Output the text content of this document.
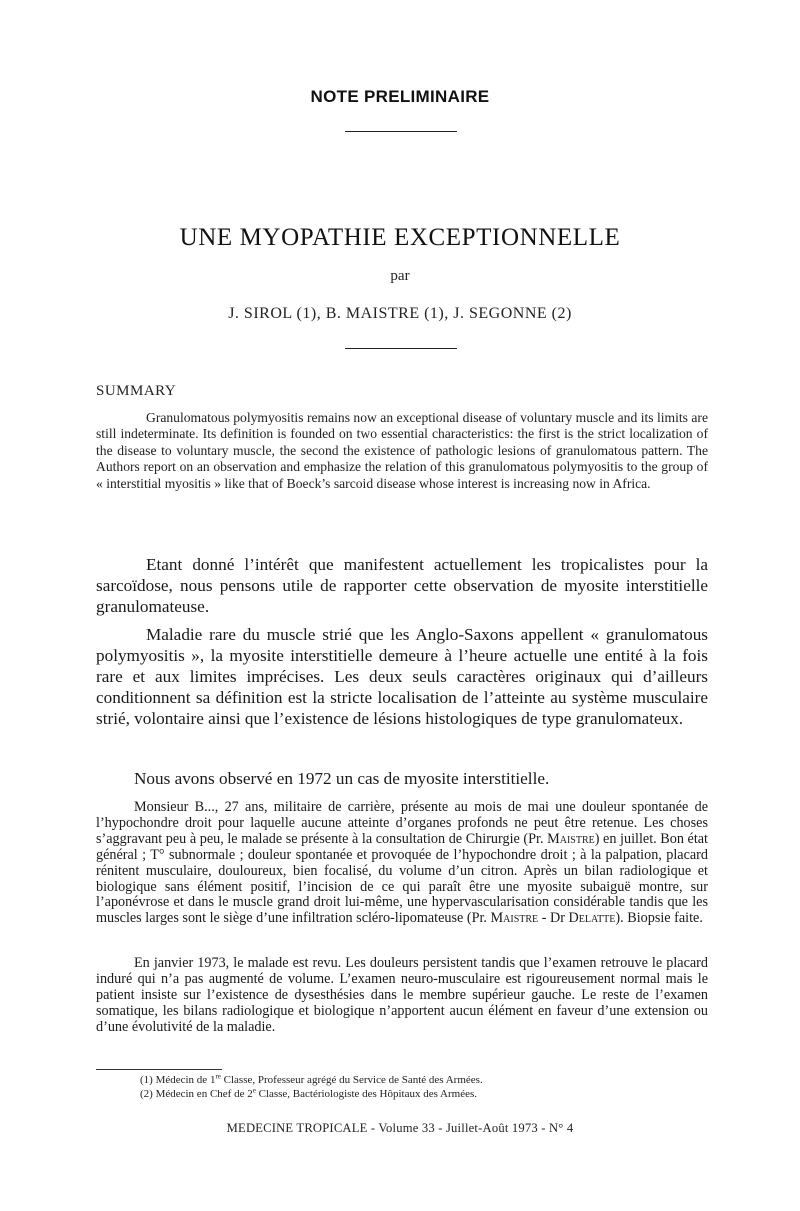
NOTE PRELIMINAIRE
UNE MYOPATHIE EXCEPTIONNELLE
par
J. SIROL (1), B. MAISTRE (1), J. SEGONNE (2)
SUMMARY

Granulomatous polymyositis remains now an exceptional disease of voluntary muscle and its limits are still indeterminate. Its definition is founded on two essential characteristics: the first is the strict localization of the disease to voluntary muscle, the second the existence of pathologic lesions of granulomatous pattern. The Authors report on an observation and emphasize the relation of this granulomatous polymyositis to the group of « interstitial myositis » like that of Boeck’s sarcoid disease whose interest is increasing now in Africa.

Etant donné l’intérêt que manifestent actuellement les tropicalistes pour la sarcoïdose, nous pensons utile de rapporter cette observation de myosite interstitielle granulomateuse.

Maladie rare du muscle strié que les Anglo-Saxons appellent « granulomatous polymyositis », la myosite interstitielle demeure à l’heure actuelle une entité à la fois rare et aux limites imprécises. Les deux seuls caractères originaux qui d’ailleurs conditionnent sa définition est la stricte localisation de l’atteinte au système musculaire strié, volontaire ainsi que l’existence de lésions histologiques de type granulomateux.

Nous avons observé en 1972 un cas de myosite interstitielle.

Monsieur B..., 27 ans, militaire de carrière, présente au mois de mai une douleur spontanée de l’hypochondre droit pour laquelle aucune atteinte d’organes profonds ne peut être retenue. Les choses s’aggravant peu à peu, le malade se présente à la consultation de Chirurgie (Pr. Maistre) en juillet. Bon état général ; T° subnormale ; douleur spontanée et provoquée de l’hypochondre droit ; à la palpation, placard rénitent musculaire, douloureux, bien focalisé, du volume d’un citron. Après un bilan radiologique et biologique sans élément positif, l’incision de ce qui paraît être une myosite subaiguë montre, sur l’aponévrose et dans le muscle grand droit lui-même, une hypervascularisation considérable tandis que les muscles larges sont le siège d’une infiltration scléro-lipomateuse (Pr. Maistre - Dr Delatte). Biopsie faite.

En janvier 1973, le malade est revu. Les douleurs persistent tandis que l’examen retrouve le placard induré qui n’a pas augmenté de volume. L’examen neuro-musculaire est rigoureusement normal mais le patient insiste sur l’existence de dysesthésies dans le membre supérieur gauche. Le reste de l’examen somatique, les bilans radiologique et biologique n’apportent aucun élément en faveur d’une extension ou d’une évolutivité de la maladie.

(1) Médecin de 1re Classe, Professeur agrégé du Service de Santé des Armées.
(2) Médecin en Chef de 2e Classe, Bactériologiste des Hôpitaux des Armées.
MEDECINE TROPICALE - Volume 33 - Juillet-Août 1973 - N° 4
